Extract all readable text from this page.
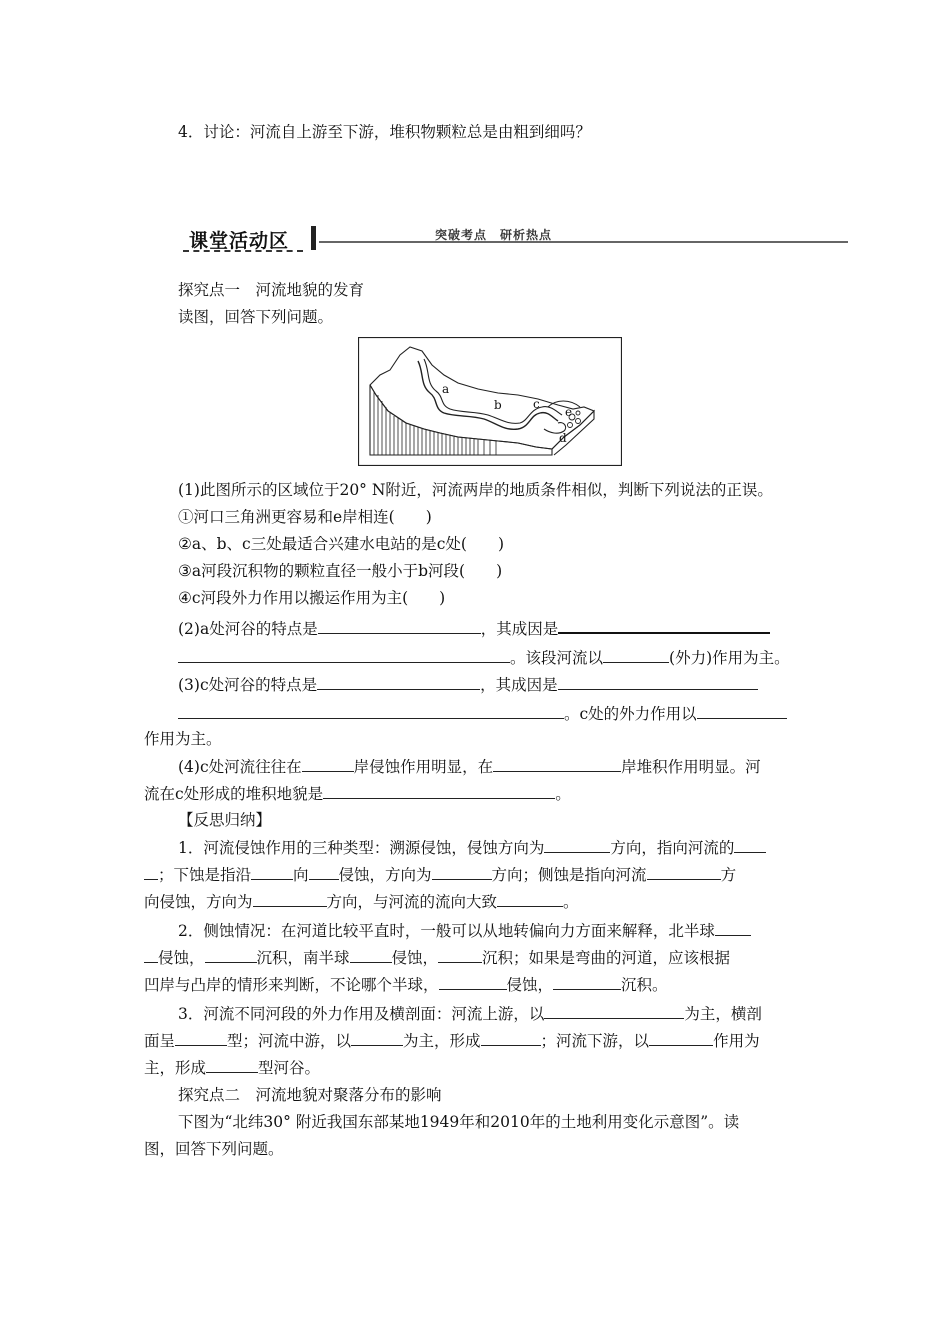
4．讨论：河流自上游至下游，堆积物颗粒总是由粗到细吗？
课堂活动区	突破考点　研析热点
探究点一　河流地貌的发育
读图，回答下列问题。
a
b	c
d
e
(1)此图所示的区域位于20° N附近，河流两岸的地质条件相似，判断下列说法的正误。
①河口三角洲更容易和e岸相连(　　)
②a、b、c三处最适合兴建水电站的是c处(　　)
③a河段沉积物的颗粒直径一般小于b河段(　　)
④c河段外力作用以搬运作用为主(　　)
(2)a处河谷的特点是	，其成因是
。该段河流以	(外力)作用为主。
(3)c处河谷的特点是	，其成因是
。c处的外力作用以
作用为主。
(4)c处河流往往在	岸侵蚀作用明显，在	岸堆积作用明显。河
流在c处形成的堆积地貌是	。
【反思归纳】
1．河流侵蚀作用的三种类型：溯源侵蚀，侵蚀方向为	方向，指向河流的
；下蚀是指沿	向 侵蚀，方向为	方向；侧蚀是指向河流	方
向侵蚀，方向为	方向，与河流的流向大致	。
2．侧蚀情况：在河道比较平直时，一般可以从地转偏向力方面来解释，北半球
侵蚀，	沉积，南半球	侵蚀，	沉积；如果是弯曲的河道，应该根据
凹岸与凸岸的情形来判断，不论哪个半球，	侵蚀，	沉积。
3．河流不同河段的外力作用及横剖面：河流上游，以	为主，横剖
面呈	型；河流中游，以	为主，形成	；河流下游，以	作用为
主，形成	型河谷。
探究点二　河流地貌对聚落分布的影响
下图为“北纬30° 附近我国东部某地1949年和2010年的土地利用变化示意图”。读
图，回答下列问题。
